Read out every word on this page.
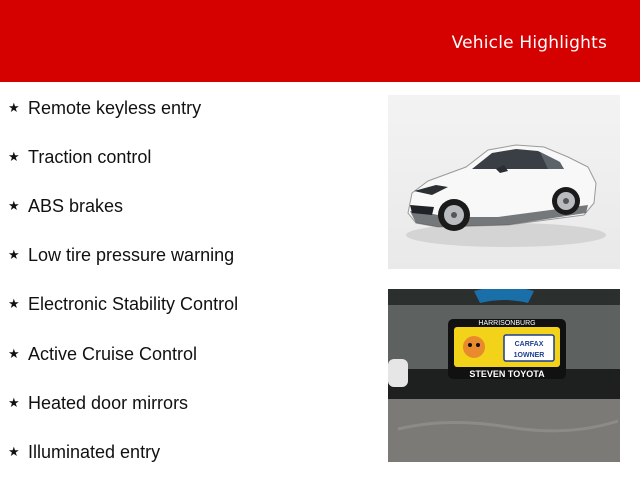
Vehicle Highlights
★ Remote keyless entry
★ Traction control
★ ABS brakes
★ Low tire pressure warning
★ Electronic Stability Control
★ Active Cruise Control
★ Heated door mirrors
★ Illuminated entry
CARFAX
1OWNER
HARRISONBURG
STEVEN TOYOTA
